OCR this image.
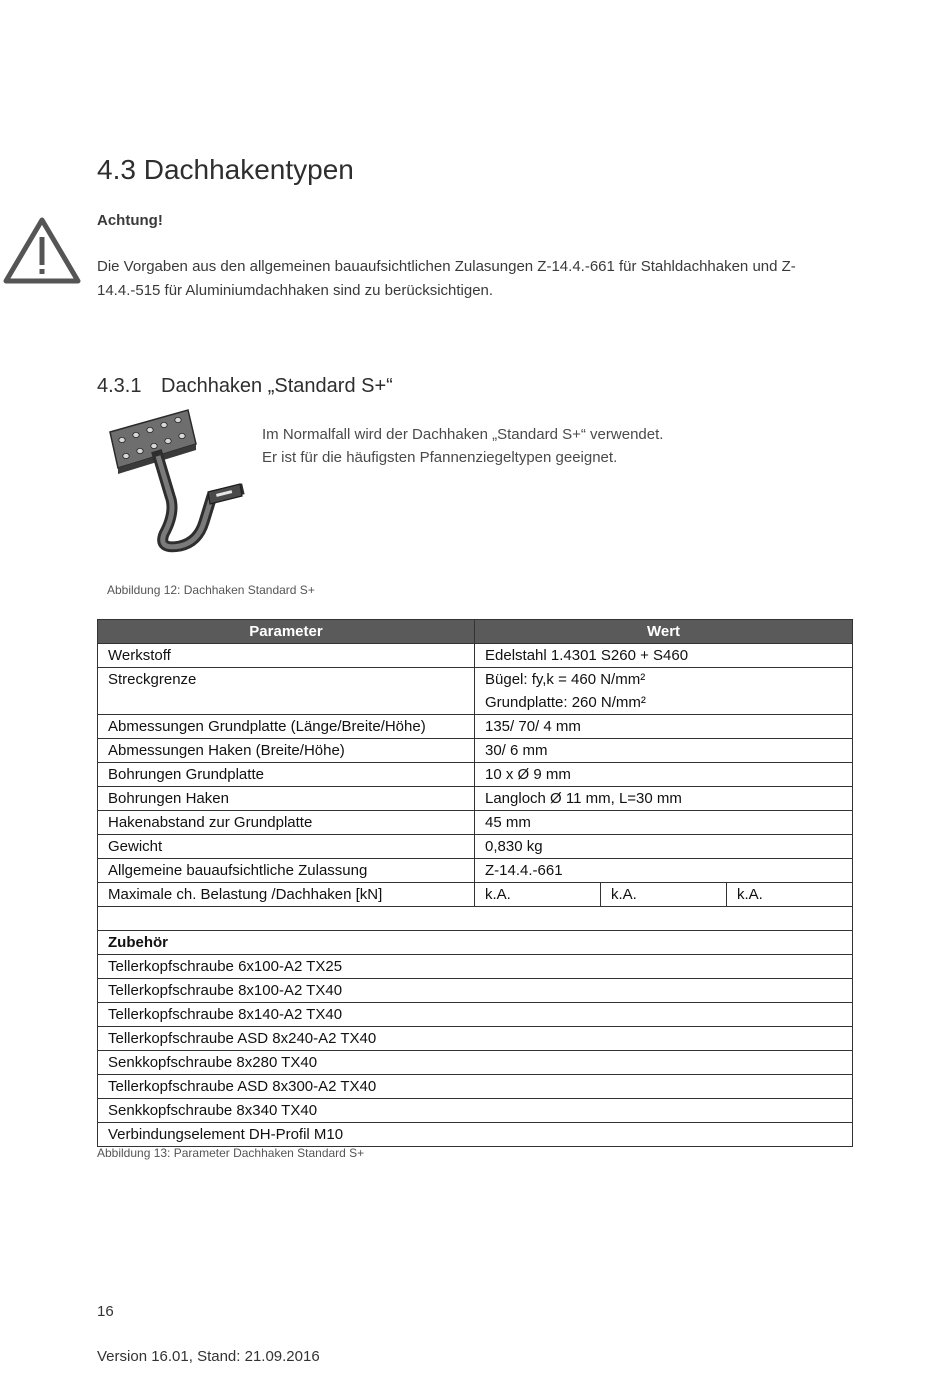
4.3 Dachhakentypen
Achtung!
Die Vorgaben aus den allgemeinen bauaufsichtlichen Zulasungen Z-14.4.-661 für Stahldachhaken und Z-14.4.-515 für Aluminiumdachhaken sind zu berücksichtigen.
4.3.1 Dachhaken „Standard S+“
Im Normalfall wird der Dachhaken „Standard S+“ verwendet.
Er ist für die häufigsten Pfannenziegeltypen geeignet.
Abbildung 12: Dachhaken Standard S+
Parameter	Wert		
Werkstoff	Edelstahl 1.4301 S260 + S460		
Streckgrenze	Bügel: fy,k = 460 N/mm²
Grundplatte: 260 N/mm²		

Abmessungen Grundplatte (Länge/Breite/Höhe)	135/ 70/ 4 mm		
Abmessungen Haken (Breite/Höhe)	30/ 6 mm		
Bohrungen Grundplatte	10 x Ø 9 mm		
Bohrungen Haken	Langloch Ø 11 mm, L=30 mm		
Hakenabstand zur Grundplatte	45 mm		
Gewicht	0,830 kg		
Allgemeine bauaufsichtliche Zulassung	Z-14.4.-661		
Maximale ch. Belastung /Dachhaken [kN]	k.A.	k.A.	k.A.

Zubehör			
Tellerkopfschraube 6x100-A2 TX25			
Tellerkopfschraube 8x100-A2 TX40			
Tellerkopfschraube 8x140-A2 TX40			
Tellerkopfschraube ASD 8x240-A2 TX40			
Senkkopfschraube 8x280 TX40			
Tellerkopfschraube ASD 8x300-A2 TX40			
Senkkopfschraube 8x340 TX40			
Verbindungselement DH-Profil M10			
Abbildung 13: Parameter Dachhaken Standard S+
16
Version 16.01, Stand: 21.09.2016
